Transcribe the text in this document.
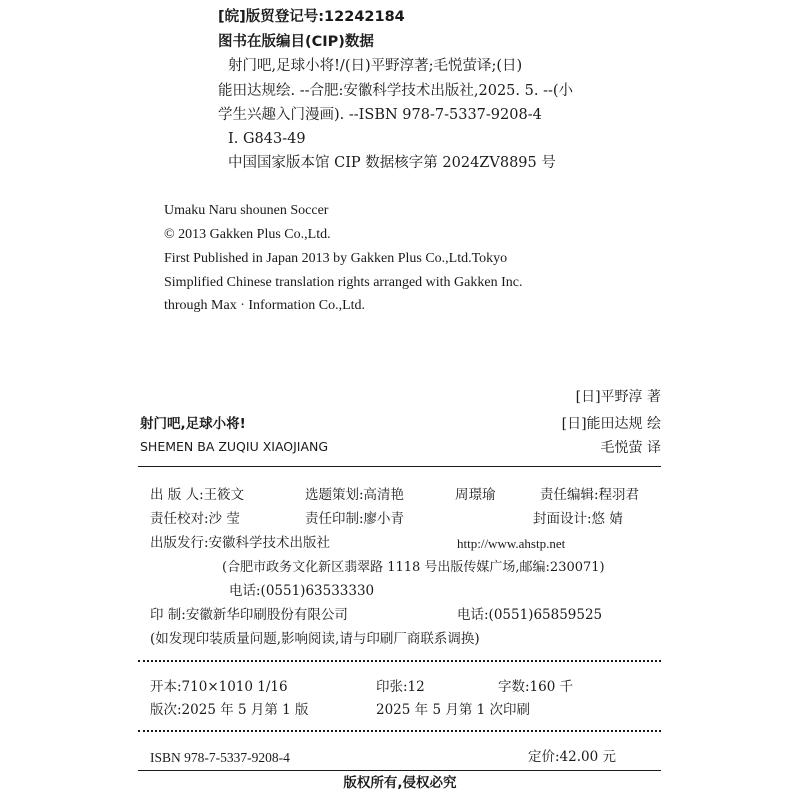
[皖]版贸登记号:12242184
图书在版编目(CIP)数据
射门吧,足球小将!/(日)平野淳著;毛悦萤译;(日)
能田达规绘. --合肥:安徽科学技术出版社,2025. 5. --(小
学生兴趣入门漫画). --ISBN 978-7-5337-9208-4
Ⅰ. G843-49
中国国家版本馆 CIP 数据核字第 2024ZV8895 号
Umaku Naru shounen Soccer
© 2013 Gakken Plus Co.,Ltd.
First Published in Japan 2013 by Gakken Plus Co.,Ltd.Tokyo
Simplified Chinese translation rights arranged with Gakken Inc.
through Max · Information Co.,Ltd.
[日]平野淳 著
射门吧,足球小将!	[日]能田达规 绘
SHEMEN BA ZUQIU XIAOJIANG	毛悦萤 译
出 版 人:王筱文	选题策划:高清艳	周璟瑜	责任编辑:程羽君
责任校对:沙 莹	责任印制:廖小青	封面设计:悠 婧
出版发行:安徽科学技术出版社	http://www.ahstp.net
(合肥市政务文化新区翡翠路 1118 号出版传媒广场,邮编:230071)
电话:(0551)63533330
印 制:安徽新华印刷股份有限公司	电话:(0551)65859525
(如发现印装质量问题,影响阅读,请与印刷厂商联系调换)
开本:710×1010 1/16	印张:12	字数:160 千
版次:2025 年 5 月第 1 版	2025 年 5 月第 1 次印刷
ISBN 978-7-5337-9208-4	定价:42.00 元
版权所有,侵权必究
